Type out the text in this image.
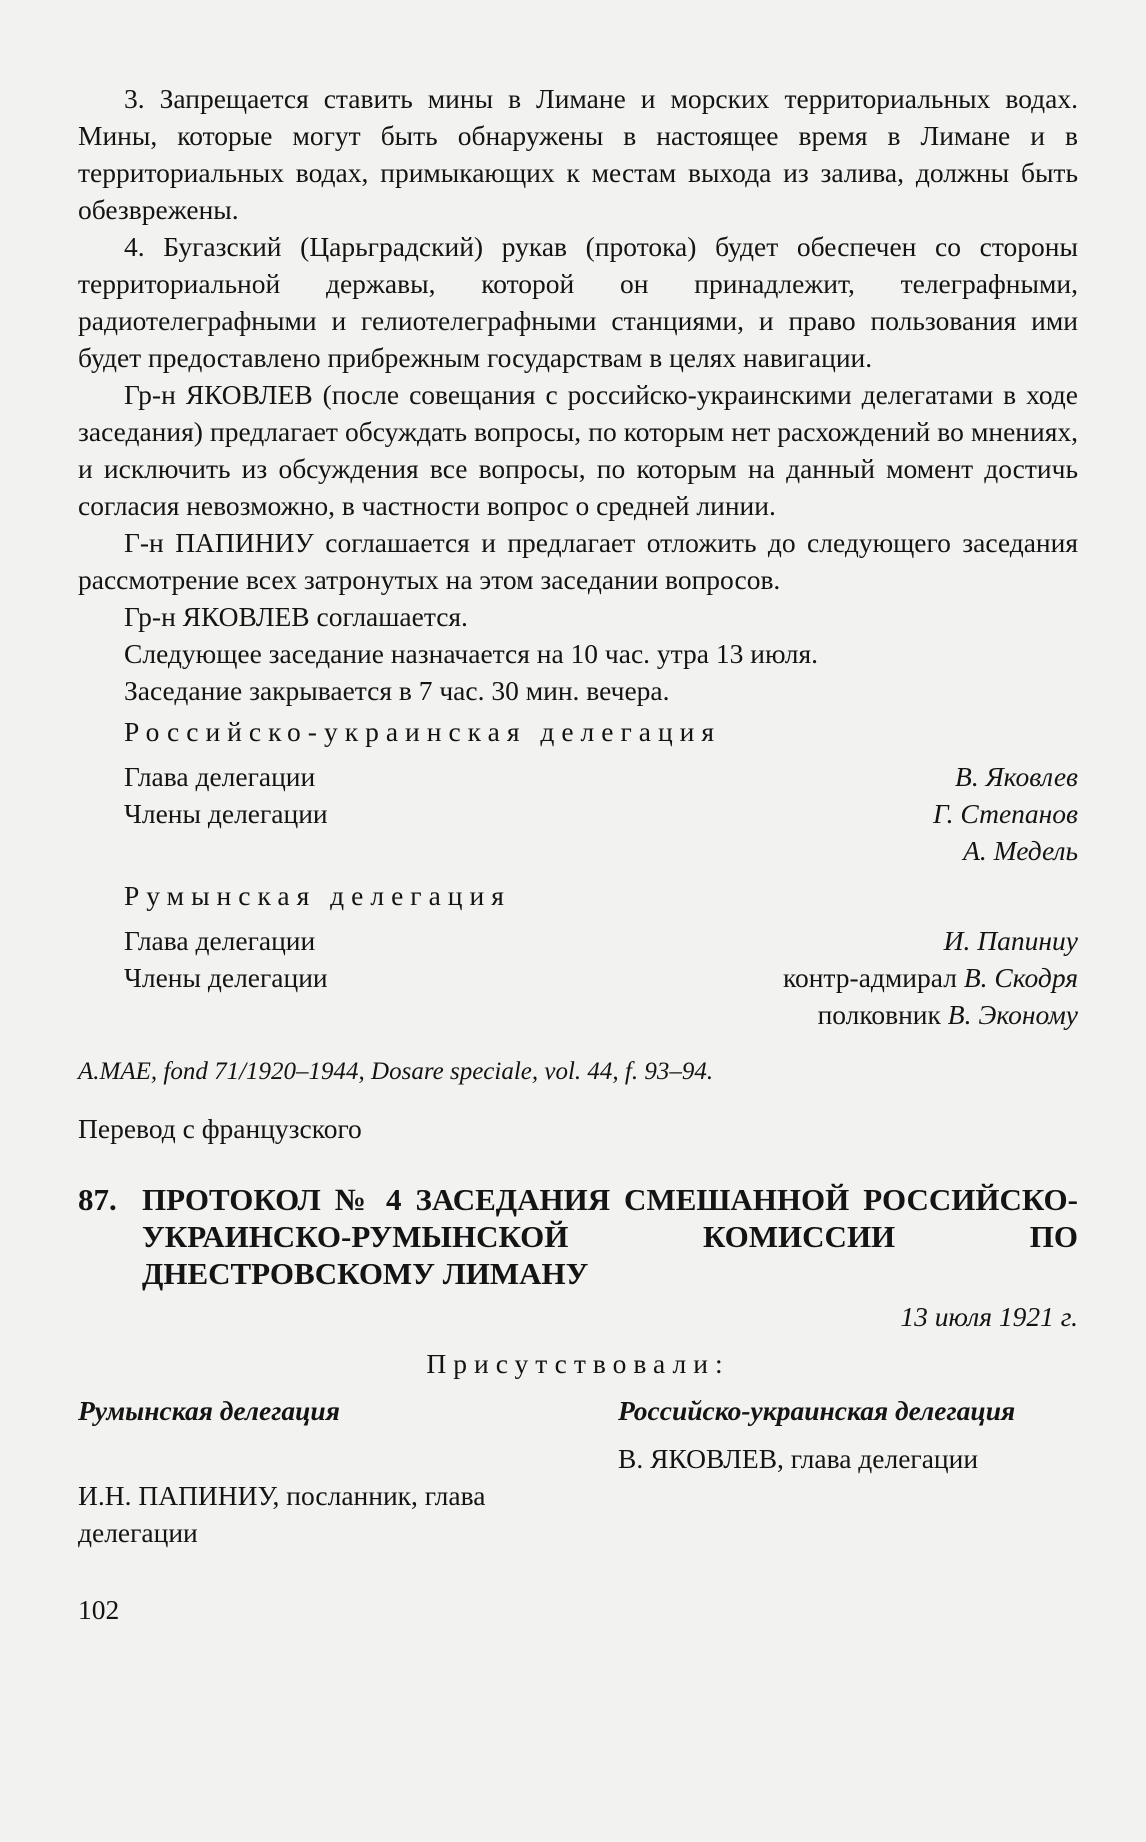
3. Запрещается ставить мины в Лимане и морских территориальных водах. Мины, которые могут быть обнаружены в настоящее время в Лимане и в территориальных водах, примыкающих к местам выхода из залива, должны быть обезврежены.

4. Бугазский (Царьградский) рукав (протока) будет обеспечен со стороны территориальной державы, которой он принадлежит, телеграфными, радиотелеграфными и гелиотелеграфными станциями, и право пользования ими будет предоставлено прибрежным государствам в целях навигации.

Гр-н ЯКОВЛЕВ (после совещания с российско-украинскими делегатами в ходе заседания) предлагает обсуждать вопросы, по которым нет расхождений во мнениях, и исключить из обсуждения все вопросы, по которым на данный момент достичь согласия невозможно, в частности вопрос о средней линии.

Г-н ПАПИНИУ соглашается и предлагает отложить до следующего заседания рассмотрение всех затронутых на этом заседании вопросов.

Гр-н ЯКОВЛЕВ соглашается.

Следующее заседание назначается на 10 час. утра 13 июля.

Заседание закрывается в 7 час. 30 мин. вечера.

Российско-украинская делегация

Глава делегации	В. Яковлев
Члены делегации	Г. Степанов
А. Медель

Румынская делегация

Глава делегации	И. Папиниу
Члены делегации	контр-адмирал В. Скодря
полковник В. Эконому

A.MAE, fond 71/1920–1944, Dosare speciale, vol. 44, f. 93–94.

Перевод с французского

87. ПРОТОКОЛ № 4 ЗАСЕДАНИЯ СМЕШАННОЙ РОССИЙСКО-УКРАИНСКО-РУМЫНСКОЙ КОМИССИИ ПО ДНЕСТРОВСКОМУ ЛИМАНУ

13 июля 1921 г.

Присутствовали:

Румынская делегация

И.Н. ПАПИНИУ, посланник, глава делегации

Российско-украинская делегация

В. ЯКОВЛЕВ, глава делегации

102
